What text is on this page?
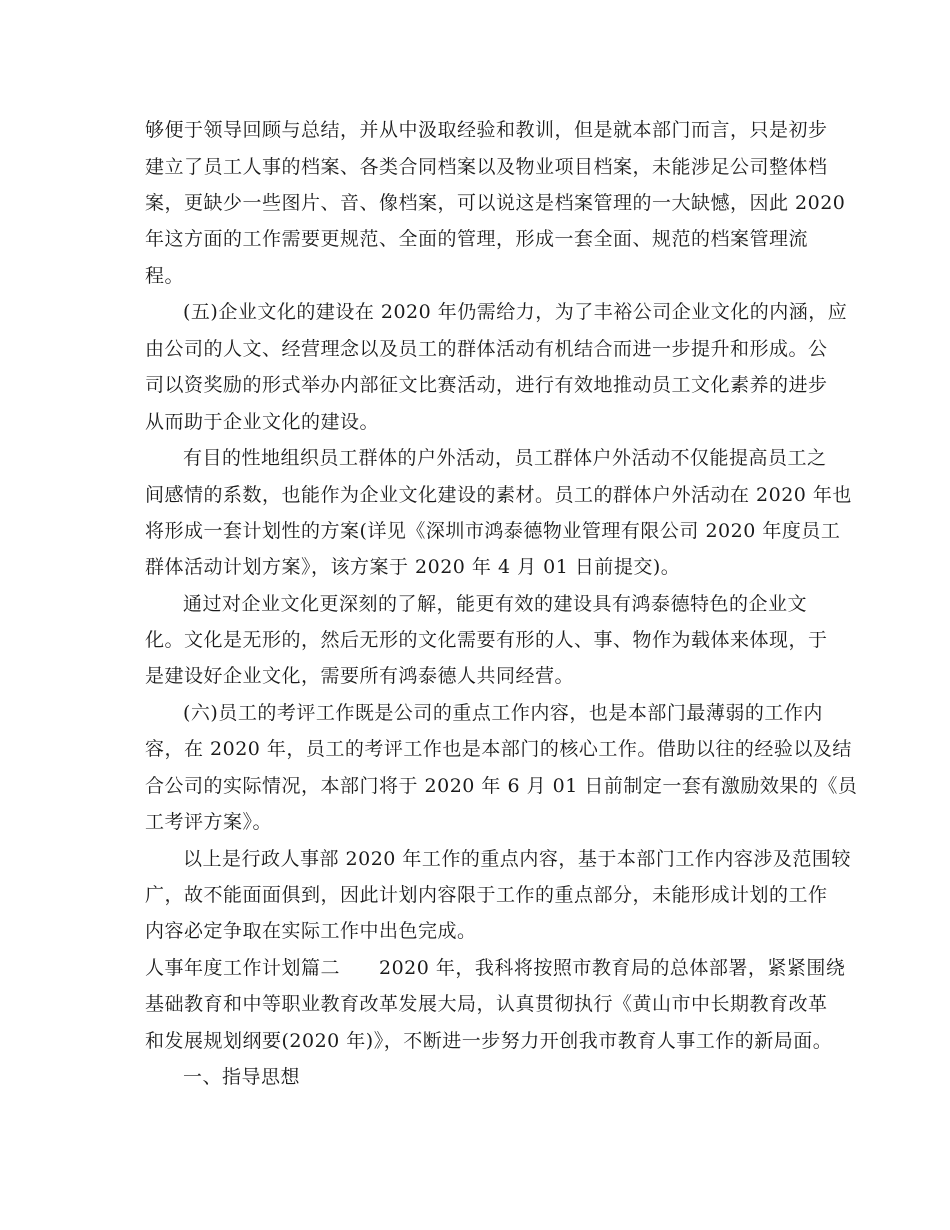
够便于领导回顾与总结，并从中汲取经验和教训，但是就本部门而言，只是初步
建立了员工人事的档案、各类合同档案以及物业项目档案，未能涉足公司整体档
案，更缺少一些图片、音、像档案，可以说这是档案管理的一大缺憾，因此 2020
年这方面的工作需要更规范、全面的管理，形成一套全面、规范的档案管理流
程。
(五)企业文化的建设在 2020 年仍需给力，为了丰裕公司企业文化的内涵，应
由公司的人文、经营理念以及员工的群体活动有机结合而进一步提升和形成。公
司以资奖励的形式举办内部征文比赛活动，进行有效地推动员工文化素养的进步
从而助于企业文化的建设。
有目的性地组织员工群体的户外活动，员工群体户外活动不仅能提高员工之
间感情的系数，也能作为企业文化建设的素材。员工的群体户外活动在 2020 年也
将形成一套计划性的方案(详见《深圳市鸿泰德物业管理有限公司 2020 年度员工
群体活动计划方案》，该方案于 2020 年 4 月 01 日前提交)。
通过对企业文化更深刻的了解，能更有效的建设具有鸿泰德特色的企业文
化。文化是无形的，然后无形的文化需要有形的人、事、物作为载体来体现，于
是建设好企业文化，需要所有鸿泰德人共同经营。
(六)员工的考评工作既是公司的重点工作内容，也是本部门最薄弱的工作内
容，在 2020 年，员工的考评工作也是本部门的核心工作。借助以往的经验以及结
合公司的实际情况，本部门将于 2020 年 6 月 01 日前制定一套有激励效果的《员
工考评方案》。
以上是行政人事部 2020 年工作的重点内容，基于本部门工作内容涉及范围较
广，故不能面面俱到，因此计划内容限于工作的重点部分，未能形成计划的工作
内容必定争取在实际工作中出色完成。
人事年度工作计划篇二　　2020 年，我科将按照市教育局的总体部署，紧紧围绕
基础教育和中等职业教育改革发展大局，认真贯彻执行《黄山市中长期教育改革
和发展规划纲要(2020 年)》，不断进一步努力开创我市教育人事工作的新局面。
一、指导思想
